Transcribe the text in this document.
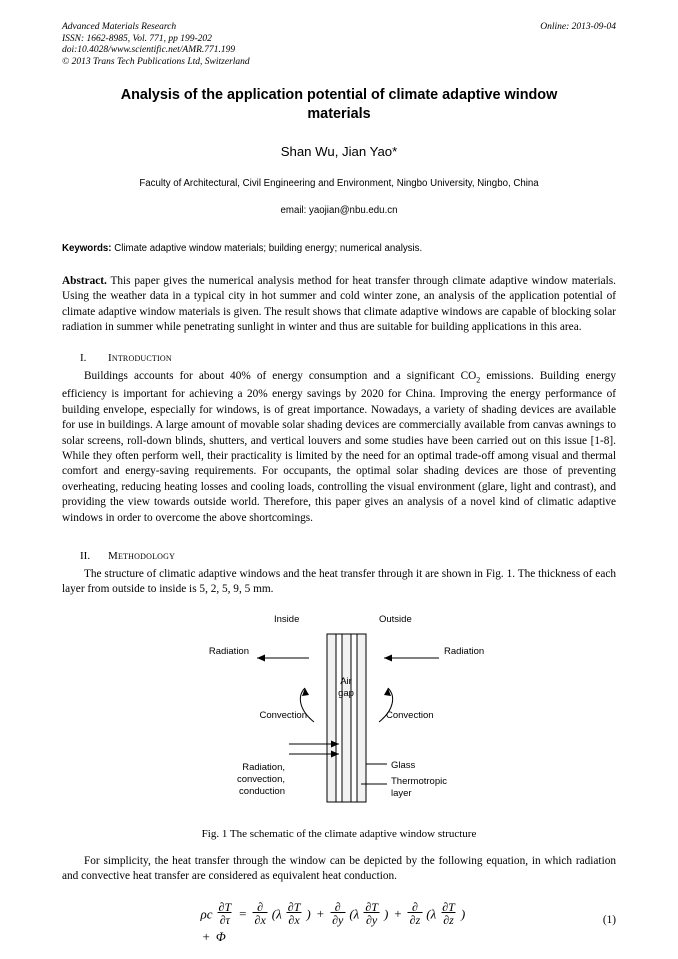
Advanced Materials Research
ISSN: 1662-8985, Vol. 771, pp 199-202
doi:10.4028/www.scientific.net/AMR.771.199
© 2013 Trans Tech Publications Ltd, Switzerland
Online: 2013-09-04
Analysis of the application potential of climate adaptive window materials
Shan Wu, Jian Yao*
Faculty of Architectural, Civil Engineering and Environment, Ningbo University, Ningbo, China
email: yaojian@nbu.edu.cn
Keywords: Climate adaptive window materials; building energy; numerical analysis.
Abstract. This paper gives the numerical analysis method for heat transfer through climate adaptive window materials. Using the weather data in a typical city in hot summer and cold winter zone, an analysis of the application potential of climate adaptive window materials is given. The result shows that climate adaptive windows are capable of blocking solar radiation in summer while penetrating sunlight in winter and thus are suitable for building applications in this area.
I. Introduction

Buildings accounts for about 40% of energy consumption and a significant $CO_2$ emissions. Building energy efficiency is important for achieving a 20% energy savings by 2020 for China. Improving the energy performance of building envelope, especially for windows, is of great importance. Nowadays, a variety of shading devices are available for use in buildings. A large amount of movable solar shading devices are commercially available from canvas awnings to solar screens, roll-down blinds, shutters, and vertical louvers and some studies have been carried out on this issue [1-8]. While they often perform well, their practicality is limited by the need for an optimal trade-off among visual and thermal comfort and energy-saving requirements. For occupants, the optimal solar shading devices are those of preventing overheating, reducing heating losses and cooling loads, controlling the visual environment (glare, light and contrast), and providing the view towards outside world. Therefore, this paper gives an analysis of a novel kind of climatic adaptive windows in order to overcome the above shortcomings.

II. Methodology

The structure of climatic adaptive windows and the heat transfer through it are shown in Fig. 1. The thickness of each layer from outside to inside is 5, 2, 5, 9, 5 mm.

Inside	Outside
Radiation	Radiation
Convection	Convection
Air
gap
Radiation,
convection,
conduction
Glass
Thermotropic
layer
Fig. 1 The schematic of the climate adaptive window structure

For simplicity, the heat transfer through the window can be depicted by the following equation, in which radiation and convective heat transfer are considered as equivalent heat conduction.

ρc $\frac{\partial T}{\partial\tau} = \frac{\partial}{\partial x} (\lambda \frac{\partial T}{\partial x}$ ) + $\frac{\partial}{\partial y} (\lambda \frac{\partial T}{\partial y}$ ) + $\frac{\partial}{\partial z} (\lambda \frac{\partial T}{\partial z}$ ) + Φ
(1)
